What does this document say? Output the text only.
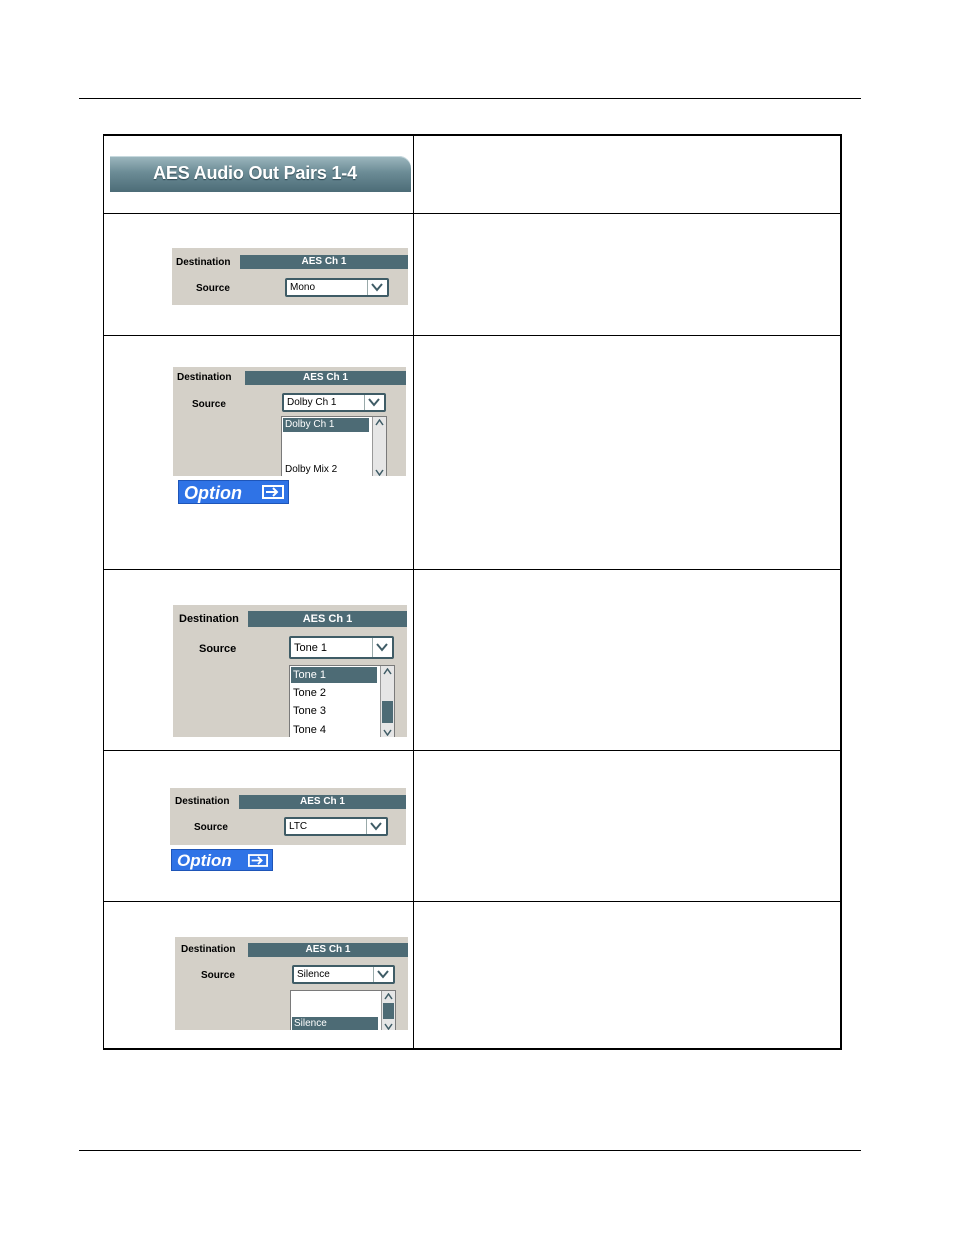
AES Audio Out Pairs 1-4
Destination	AES Ch 1
Source	Mono
Destination	AES Ch 1
Source	Dolby Ch 1
Dolby Ch 1
Dolby Mix 2
Option
Destination	AES Ch 1
Source	Tone 1
Tone 1
Tone 2
Tone 3
Tone 4
Destination	AES Ch 1
Source	LTC
Option
Destination	AES Ch 1
Source	Silence
Silence
